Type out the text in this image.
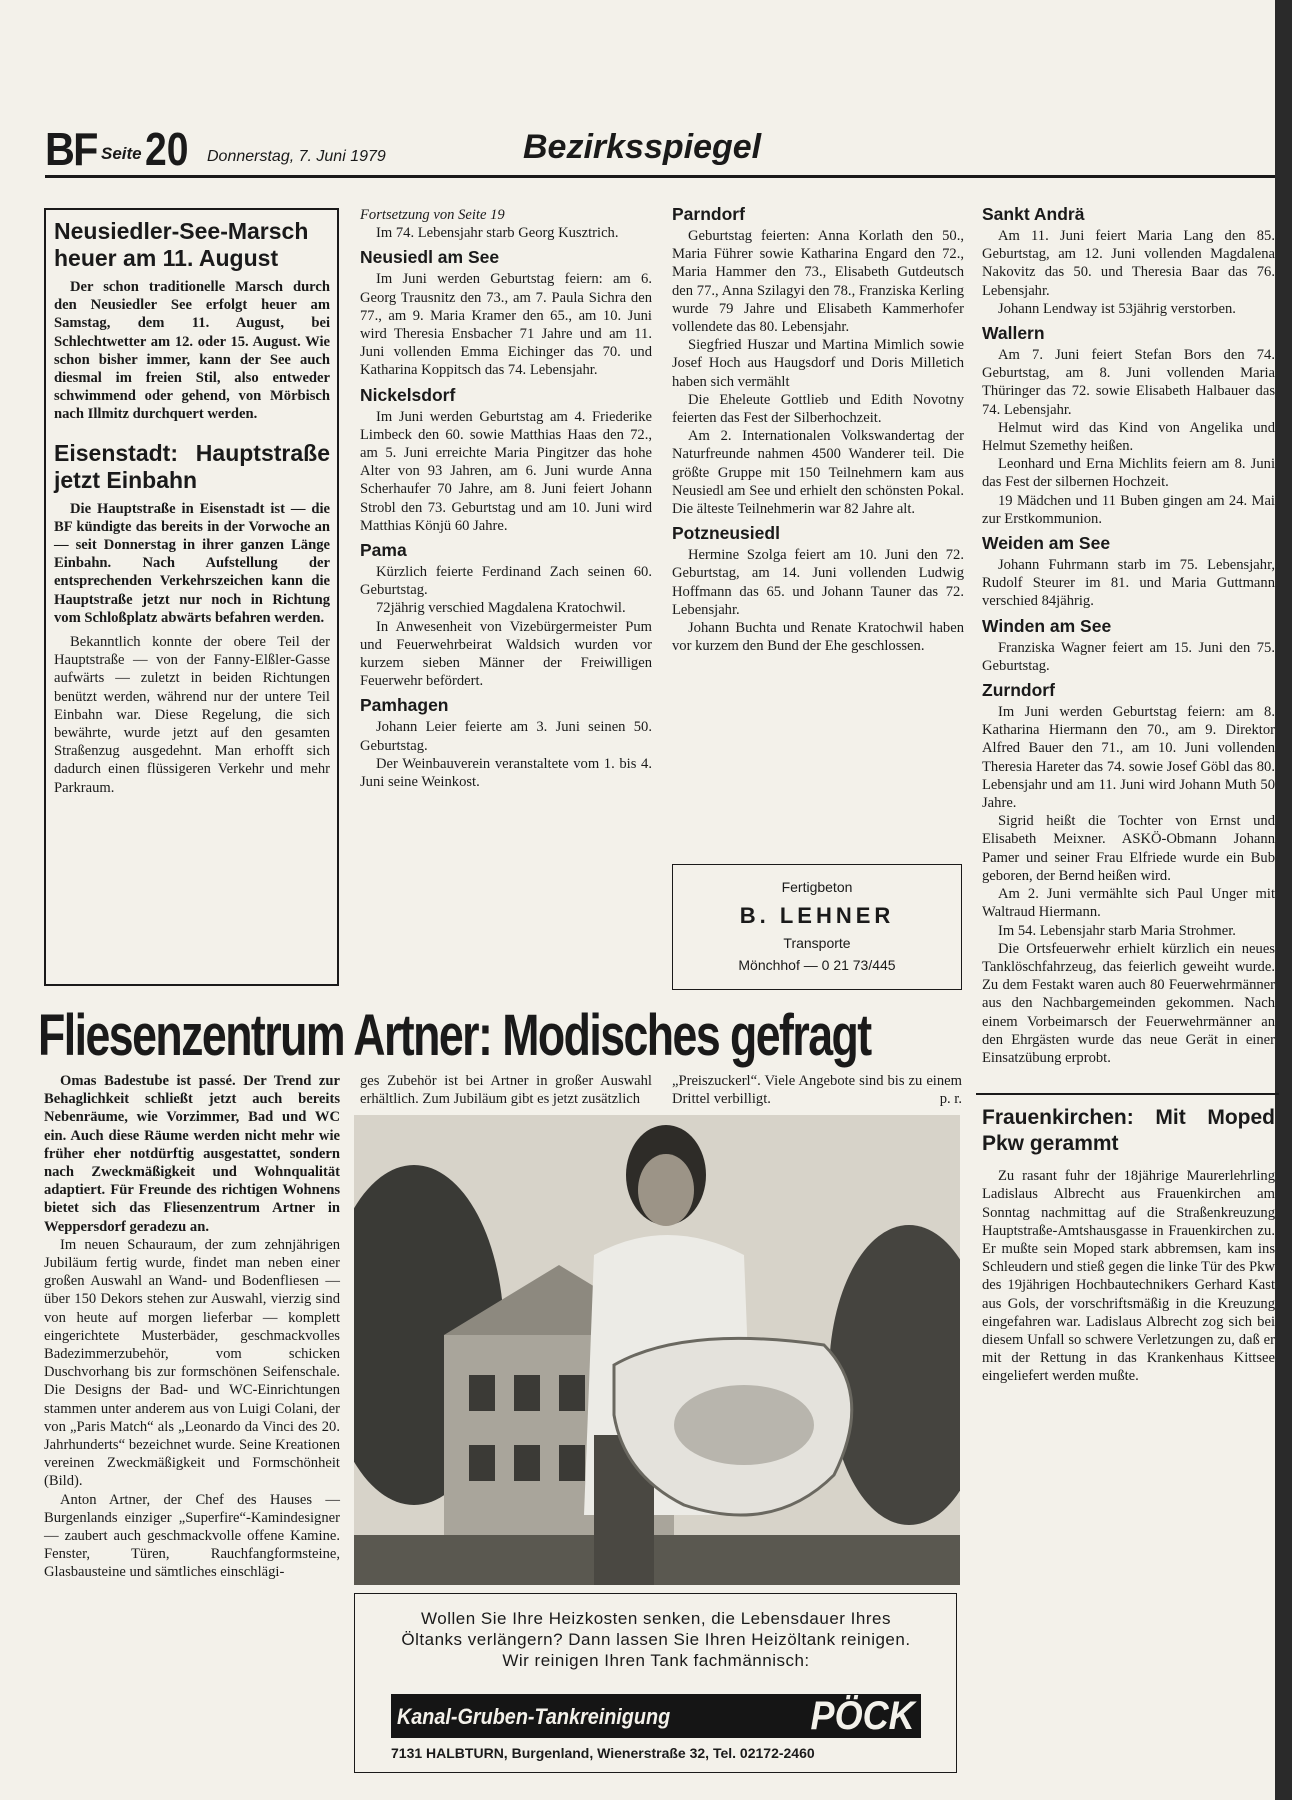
BF Seite 20 Donnerstag, 7. Juni 1979	Bezirksspiegel
Neusiedler-See-Marsch heuer am 11. August

Der schon traditionelle Marsch durch den Neusiedler See erfolgt heuer am Samstag, dem 11. August, bei Schlechtwetter am 12. oder 15. August. Wie schon bisher immer, kann der See auch diesmal im freien Stil, also entweder schwimmend oder gehend, von Mörbisch nach Illmitz durchquert werden.

Eisenstadt: Hauptstraße jetzt Einbahn

Die Hauptstraße in Eisenstadt ist — die BF kündigte das bereits in der Vorwoche an — seit Donnerstag in ihrer ganzen Länge Einbahn. Nach Aufstellung der entsprechenden Verkehrszeichen kann die Hauptstraße jetzt nur noch in Richtung vom Schloßplatz abwärts befahren werden.

Bekanntlich konnte der obere Teil der Hauptstraße — von der Fanny-Elßler-Gasse aufwärts — zuletzt in beiden Richtungen benützt werden, während nur der untere Teil Einbahn war. Diese Regelung, die sich bewährte, wurde jetzt auf den gesamten Straßenzug ausgedehnt. Man erhofft sich dadurch einen flüssigeren Verkehr und mehr Parkraum.

Fortsetzung von Seite 19

Im 74. Lebensjahr starb Georg Kusztrich.

Neusiedl am See

Im Juni werden Geburtstag feiern: am 6. Georg Trausnitz den 73., am 7. Paula Sichra den 77., am 9. Maria Kramer den 65., am 10. Juni wird Theresia Ensbacher 71 Jahre und am 11. Juni vollenden Emma Eichinger das 70. und Katharina Koppitsch das 74. Lebensjahr.

Nickelsdorf

Im Juni werden Geburtstag am 4. Friederike Limbeck den 60. sowie Matthias Haas den 72., am 5. Juni erreichte Maria Pingitzer das hohe Alter von 93 Jahren, am 6. Juni wurde Anna Scherhaufer 70 Jahre, am 8. Juni feiert Johann Strobl den 73. Geburtstag und am 10. Juni wird Matthias Könjü 60 Jahre.

Pama

Kürzlich feierte Ferdinand Zach seinen 60. Geburtstag.

72jährig verschied Magdalena Kratochwil.

In Anwesenheit von Vizebürgermeister Pum und Feuerwehrbeirat Waldsich wurden vor kurzem sieben Männer der Freiwilligen Feuerwehr befördert.

Pamhagen

Johann Leier feierte am 3. Juni seinen 50. Geburtstag.

Der Weinbauverein veranstaltete vom 1. bis 4. Juni seine Weinkost.

Parndorf

Geburtstag feierten: Anna Korlath den 50., Maria Führer sowie Katharina Engard den 72., Maria Hammer den 73., Elisabeth Gutdeutsch den 77., Anna Szilagyi den 78., Franziska Kerling wurde 79 Jahre und Elisabeth Kammerhofer vollendete das 80. Lebensjahr.

Siegfried Huszar und Martina Mimlich sowie Josef Hoch aus Haugsdorf und Doris Milletich haben sich vermählt

Die Eheleute Gottlieb und Edith Novotny feierten das Fest der Silberhochzeit.

Am 2. Internationalen Volkswandertag der Naturfreunde nahmen 4500 Wanderer teil. Die größte Gruppe mit 150 Teilnehmern kam aus Neusiedl am See und erhielt den schönsten Pokal. Die älteste Teilnehmerin war 82 Jahre alt.

Potzneusiedl

Hermine Szolga feiert am 10. Juni den 72. Geburtstag, am 14. Juni vollenden Ludwig Hoffmann das 65. und Johann Tauner das 72. Lebensjahr.

Johann Buchta und Renate Kratochwil haben vor kurzem den Bund der Ehe geschlossen.

Fertigbeton
B. LEHNER
Transporte
Mönchhof — 0 21 73/445
Sankt Andrä

Am 11. Juni feiert Maria Lang den 85. Geburtstag, am 12. Juni vollenden Magdalena Nakovitz das 50. und Theresia Baar das 76. Lebensjahr.

Johann Lendway ist 53jährig verstorben.

Wallern

Am 7. Juni feiert Stefan Bors den 74. Geburtstag, am 8. Juni vollenden Maria Thüringer das 72. sowie Elisabeth Halbauer das 74. Lebensjahr.

Helmut wird das Kind von Angelika und Helmut Szemethy heißen.

Leonhard und Erna Michlits feiern am 8. Juni das Fest der silbernen Hochzeit.

19 Mädchen und 11 Buben gingen am 24. Mai zur Erstkommunion.

Weiden am See

Johann Fuhrmann starb im 75. Lebensjahr, Rudolf Steurer im 81. und Maria Guttmann verschied 84jährig.

Winden am See

Franziska Wagner feiert am 15. Juni den 75. Geburtstag.

Zurndorf

Im Juni werden Geburtstag feiern: am 8. Katharina Hiermann den 70., am 9. Direktor Alfred Bauer den 71., am 10. Juni vollenden Theresia Hareter das 74. sowie Josef Göbl das 80. Lebensjahr und am 11. Juni wird Johann Muth 50 Jahre.

Sigrid heißt die Tochter von Ernst und Elisabeth Meixner. ASKÖ-Obmann Johann Pamer und seiner Frau Elfriede wurde ein Bub geboren, der Bernd heißen wird.

Am 2. Juni vermählte sich Paul Unger mit Waltraud Hiermann.

Im 54. Lebensjahr starb Maria Strohmer.

Die Ortsfeuerwehr erhielt kürzlich ein neues Tanklöschfahrzeug, das feierlich geweiht wurde. Zu dem Festakt waren auch 80 Feuerwehrmänner aus den Nachbargemeinden gekommen. Nach einem Vorbeimarsch der Feuerwehrmänner an den Ehrgästen wurde das neue Gerät in einer Einsatzübung erprobt.

Frauenkirchen: Mit Moped Pkw gerammt

Zu rasant fuhr der 18jährige Maurerlehrling Ladislaus Albrecht aus Frauenkirchen am Sonntag nachmittag auf die Straßenkreuzung Hauptstraße-Amtshausgasse in Frauenkirchen zu. Er mußte sein Moped stark abbremsen, kam ins Schleudern und stieß gegen die linke Tür des Pkw des 19jährigen Hochbautechnikers Gerhard Kast aus Gols, der vorschriftsmäßig in die Kreuzung eingefahren war. Ladislaus Albrecht zog sich bei diesem Unfall so schwere Verletzungen zu, daß er mit der Rettung in das Krankenhaus Kittsee eingeliefert werden mußte.

Fliesenzentrum Artner: Modisches gefragt

Omas Badestube ist passé. Der Trend zur Behaglichkeit schließt jetzt auch bereits Nebenräume, wie Vorzimmer, Bad und WC ein. Auch diese Räume werden nicht mehr wie früher eher notdürftig ausgestattet, sondern nach Zweckmäßigkeit und Wohnqualität adaptiert. Für Freunde des richtigen Wohnens bietet sich das Fliesenzentrum Artner in Weppersdorf geradezu an.

Im neuen Schauraum, der zum zehnjährigen Jubiläum fertig wurde, findet man neben einer großen Auswahl an Wand- und Bodenfliesen — über 150 Dekors stehen zur Auswahl, vierzig sind von heute auf morgen lieferbar — komplett eingerichtete Musterbäder, geschmackvolles Badezimmerzubehör, vom schicken Duschvorhang bis zur formschönen Seifenschale. Die Designs der Bad- und WC-Einrichtungen stammen unter anderem aus von Luigi Colani, der von „Paris Match“ als „Leonardo da Vinci des 20. Jahrhunderts“ bezeichnet wurde. Seine Kreationen vereinen Zweckmäßigkeit und Formschönheit (Bild).

Anton Artner, der Chef des Hauses — Burgenlands einziger „Superfire“-Kamindesigner — zaubert auch geschmackvolle offene Kamine. Fenster, Türen, Rauchfangformsteine, Glasbausteine und sämtliches einschlägi-

ges Zubehör ist bei Artner in großer Auswahl erhältlich. Zum Jubiläum gibt es jetzt zusätzlich

„Preiszuckerl“. Viele Angebote sind bis zu einem Drittel verbilligt.	p. r.
Wollen Sie Ihre Heizkosten senken, die Lebensdauer Ihres Öltanks verlängern? Dann lassen Sie Ihren Heizöltank reinigen. Wir reinigen Ihren Tank fachmännisch:
Kanal-Gruben-Tankreinigung	PÖCK
7131 HALBTURN, Burgenland, Wienerstraße 32, Tel. 02172-2460
